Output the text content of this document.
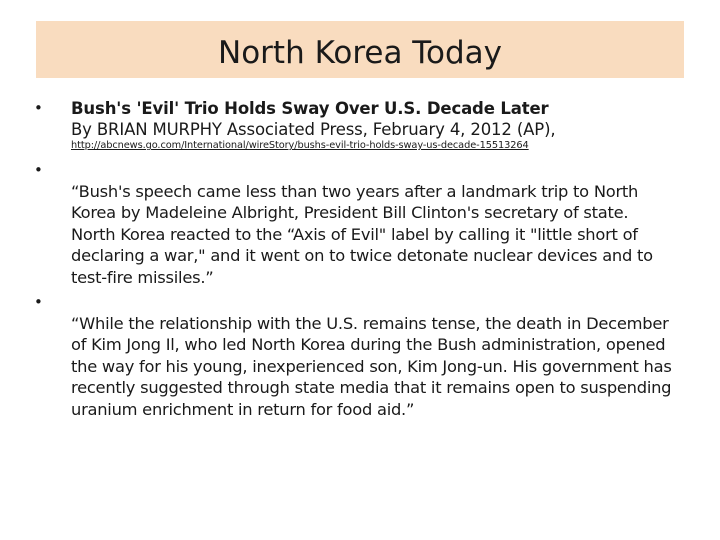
North Korea Today
• Bush's 'Evil' Trio Holds Sway Over U.S. Decade Later

By BRIAN MURPHY Associated Press, February 4, 2012 (AP),

http://abcnews.go.com/International/wireStory/bushs-evil-trio-holds-sway-us-decade-15513264
•

“Bush's speech came less than two years after a landmark trip to North Korea by Madeleine Albright, President Bill Clinton's secretary of state. North Korea reacted to the “Axis of Evil" label by calling it "little short of declaring a war," and it went on to twice detonate nuclear devices and to test-fire missiles.”

•

“While the relationship with the U.S. remains tense, the death in December of Kim Jong Il, who led North Korea during the Bush administration, opened the way for his young, inexperienced son, Kim Jong-un. His government has recently suggested through state media that it remains open to suspending uranium enrichment in return for food aid.”
